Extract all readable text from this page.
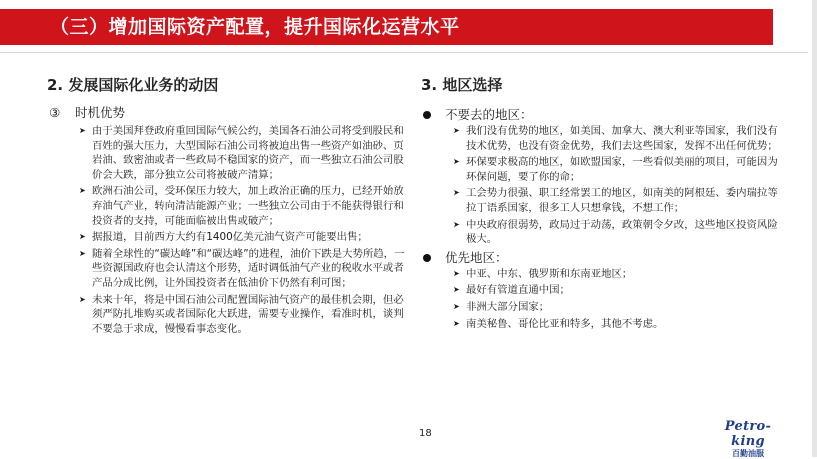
（三）增加国际资产配置，提升国际化运营水平
2. 发展国际化业务的动因
③	时机优势
➤ 由于美国拜登政府重回国际气候公约，美国各石油公司将受到股民和百姓的强大压力，大型国际石油公司将被迫出售一些资产如油砂、页岩油、致密油或者一些政局不稳国家的资产，而一些独立石油公司股价会大跌，部分独立公司将被破产清算；
➤ 欧洲石油公司，受环保压力较大，加上政治正确的压力，已经开始放弃油气产业，转向清洁能源产业；一些独立公司由于不能获得银行和投资者的支持，可能面临被出售或破产；
➤ 据报道，目前西方大约有1400亿美元油气资产可能要出售；
➤ 随着全球性的“碳达峰”和“碳达峰”的进程，油价下跌是大势所趋，一些资源国政府也会认清这个形势，适时调低油气产业的税收水平或者产品分成比例，让外国投资者在低油价下仍然有利可图；
➤ 未来十年，将是中国石油公司配置国际油气资产的最佳机会期，但必须严防扎堆购买或者国际化大跃进，需要专业操作，看准时机，谈判不要急于求成，慢慢看事态变化。
3. 地区选择
不要去的地区：
➤ 我们没有优势的地区，如美国、加拿大、澳大利亚等国家，我们没有技术优势，也没有资金优势，我们去这些国家，发挥不出任何优势；
➤ 环保要求极高的地区，如欧盟国家，一些看似美丽的项目，可能因为环保问题，要了你的命；
➤ 工会势力很强、职工经常罢工的地区，如南美的阿根廷、委内瑞拉等拉丁语系国家，很多工人只想拿钱，不想工作；
➤ 中央政府很弱势，政局过于动荡，政策朝令夕改，这些地区投资风险极大。
优先地区：
➤ 中亚、中东、俄罗斯和东南亚地区；
➤ 最好有管道直通中国；
➤ 非洲大部分国家；
➤ 南美秘鲁、哥伦比亚和特多，其他不考虑。
18	Petro-king
百勤油服
